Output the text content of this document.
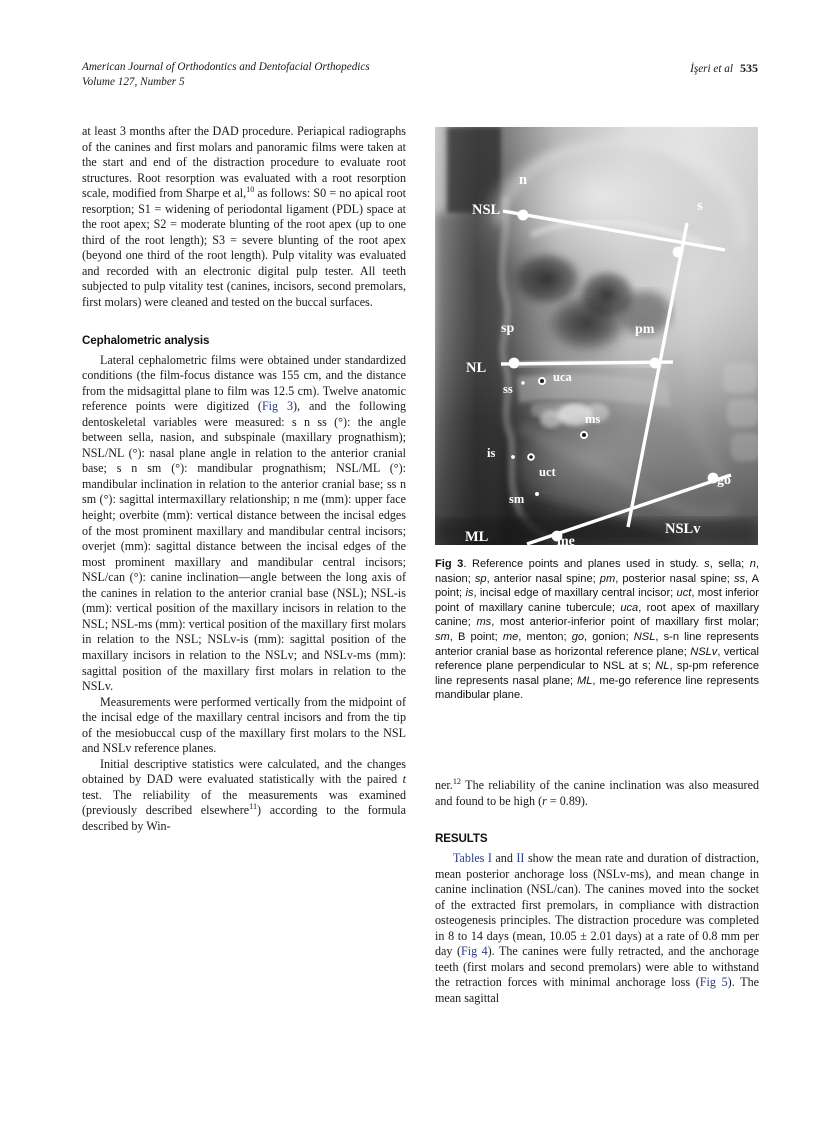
American Journal of Orthodontics and Dentofacial Orthopedics
Volume 127, Number 5
İşeri et al 535

at least 3 months after the DAD procedure. Periapical radiographs of the canines and first molars and panoramic films were taken at the start and end of the distraction procedure to evaluate root structures. Root resorption was evaluated with a root resorption scale, modified from Sharpe et al,$^{10}$ as follows: S0 = no apical root resorption; S1 = widening of periodontal ligament (PDL) space at the root apex; S2 = moderate blunting of the root apex (up to one third of the root length); S3 = severe blunting of the root apex (beyond one third of the root length). Pulp vitality was evaluated and recorded with an electronic digital pulp tester. All teeth subjected to pulp vitality test (canines, incisors, second premolars, first molars) were cleaned and tested on the buccal surfaces.

Cephalometric analysis

Lateral cephalometric films were obtained under standardized conditions (the film-focus distance was 155 cm, and the distance from the midsagittal plane to film was 12.5 cm). Twelve anatomic reference points were digitized (Fig 3), and the following dentoskeletal variables were measured: s n ss (°): the angle between sella, nasion, and subspinale (maxillary prognathism); NSL/NL (°): nasal plane angle in relation to the anterior cranial base; s n sm (°): mandibular prognathism; NSL/ML (°): mandibular inclination in relation to the anterior cranial base; ss n sm (°): sagittal intermaxillary relationship; n me (mm): upper face height; overbite (mm): vertical distance between the incisal edges of the most prominent maxillary and mandibular central incisors; overjet (mm): sagittal distance between the incisal edges of the most prominent maxillary and mandibular central incisors; NSL/can (°): canine inclination—angle between the long axis of the canines in relation to the anterior cranial base (NSL); NSL-is (mm): vertical position of the maxillary incisors in relation to the NSL; NSL-ms (mm): vertical position of the maxillary first molars in relation to the NSL; NSLv-is (mm): sagittal position of the maxillary incisors in relation to the NSLv; and NSLv-ms (mm): sagittal position of the maxillary first molars in relation to the NSLv.

Measurements were performed vertically from the midpoint of the incisal edge of the maxillary central incisors and from the tip of the mesiobuccal cusp of the maxillary first molars to the NSL and NSLv reference planes.

Initial descriptive statistics were calculated, and the changes obtained by DAD were evaluated statistically with the paired t test. The reliability of the measurements was examined (previously described elsewhere$^{11}$) according to the formula described by Win-

n
NSL	s
sp	pm
NL
uca
ss
ms
is
uct
sm
go
NSLv
ML	me
Fig 3. Reference points and planes used in study. s, sella; n, nasion; sp, anterior nasal spine; pm, posterior nasal spine; ss, A point; is, incisal edge of maxillary central incisor; uct, most inferior point of maxillary canine tubercule; uca, root apex of maxillary canine; ms, most anterior-inferior point of maxillary first molar; sm, B point; me, menton; go, gonion; NSL, s-n line represents anterior cranial base as horizontal reference plane; NSLv, vertical reference plane perpendicular to NSL at s; NL, sp-pm reference line represents nasal plane; ML, me-go reference line represents mandibular plane.

ner.$^{12}$ The reliability of the canine inclination was also measured and found to be high (r = 0.89).

RESULTS

Tables I and II show the mean rate and duration of distraction, mean posterior anchorage loss (NSLv-ms), and mean change in canine inclination (NSL/can). The canines moved into the socket of the extracted first premolars, in compliance with distraction osteogenesis principles. The distraction procedure was completed in 8 to 14 days (mean, 10.05 ± 2.01 days) at a rate of 0.8 mm per day (Fig 4). The canines were fully retracted, and the anchorage teeth (first molars and second premolars) were able to withstand the retraction forces with minimal anchorage loss (Fig 5). The mean sagittal
